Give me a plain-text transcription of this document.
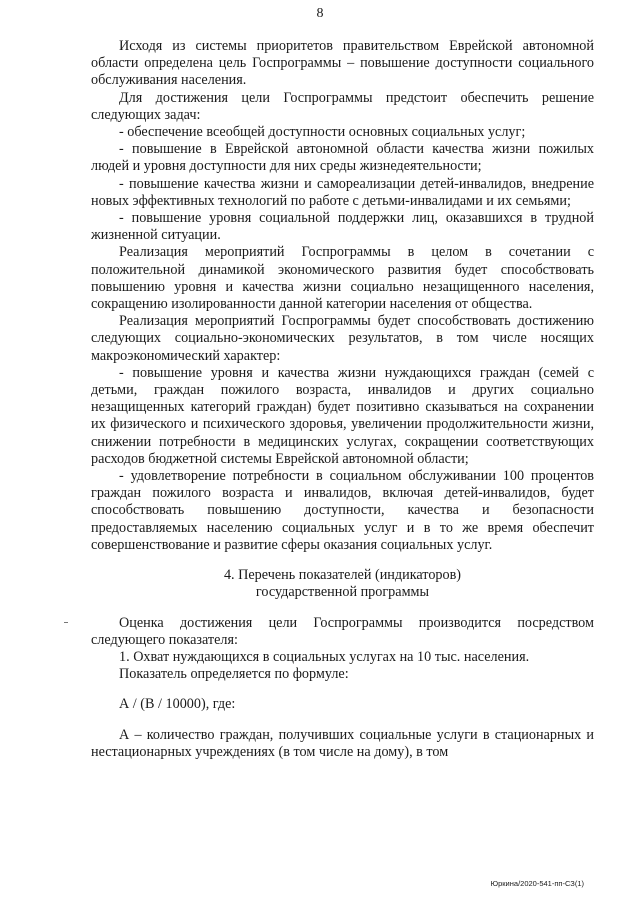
8

Исходя из системы приоритетов правительством Еврейской автономной области определена цель Госпрограммы – повышение доступности социального обслуживания населения.

Для достижения цели Госпрограммы предстоит обеспечить решение следующих задач:

- обеспечение всеобщей доступности основных социальных услуг;

- повышение в Еврейской автономной области качества жизни пожилых людей и уровня доступности для них среды жизнедеятельности;

- повышение качества жизни и самореализации детей-инвалидов, внедрение новых эффективных технологий по работе с детьми-инвалидами и их семьями;

- повышение уровня социальной поддержки лиц, оказавшихся в трудной жизненной ситуации.

Реализация мероприятий Госпрограммы в целом в сочетании с положительной динамикой экономического развития будет способствовать повышению уровня и качества жизни социально незащищенного населения, сокращению изолированности данной категории населения от общества.

Реализация мероприятий Госпрограммы будет способствовать достижению следующих социально-экономических результатов, в том числе носящих макроэкономический характер:

- повышение уровня и качества жизни нуждающихся граждан (семей с детьми, граждан пожилого возраста, инвалидов и других социально незащищенных категорий граждан) будет позитивно сказываться на сохранении их физического и психического здоровья, увеличении продолжительности жизни, снижении потребности в медицинских услугах, сокращении соответствующих расходов бюджетной системы Еврейской автономной области;

- удовлетворение потребности в социальном обслуживании 100 процентов граждан пожилого возраста и инвалидов, включая детей-инвалидов, будет способствовать повышению доступности, качества и безопасности предоставляемых населению социальных услуг и в то же время обеспечит совершенствование и развитие сферы оказания социальных услуг.

4. Перечень показателей (индикаторов)

государственной программы

Оценка достижения цели Госпрограммы производится посредством следующего показателя:

1. Охват нуждающихся в социальных услугах на 10 тыс. населения.

Показатель определяется по формуле:

А / (В / 10000), где:

А – количество граждан, получивших социальные услуги в стационарных и нестационарных учреждениях (в том числе на дому), в том

Юркина/2020-541-пп-СЗ(1)
